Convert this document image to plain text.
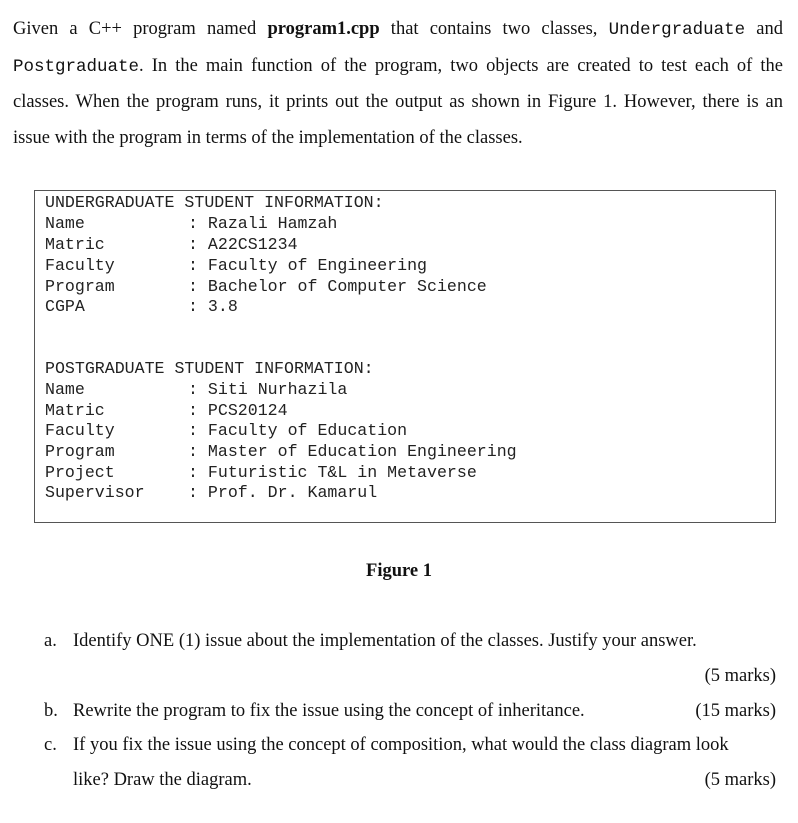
Given a C++ program named program1.cpp that contains two classes, Undergraduate and Postgraduate. In the main function of the program, two objects are created to test each of the classes. When the program runs, it prints out the output as shown in Figure 1. However, there is an issue with the program in terms of the implementation of the classes.

UNDERGRADUATE STUDENT INFORMATION:
Name	: Razali Hamzah
Matric	: A22CS1234
Faculty	: Faculty of Engineering
Program	: Bachelor of Computer Science
CGPA	: 3.8
POSTGRADUATE STUDENT INFORMATION:
Name	: Siti Nurhazila
Matric	: PCS20124
Faculty	: Faculty of Education
Program	: Master of Education Engineering
Project	: Futuristic T&L in Metaverse
Supervisor	: Prof. Dr. Kamarul
Figure 1
a. Identify ONE (1) issue about the implementation of the classes. Justify your answer.
(5 marks)
b. Rewrite the program to fix the issue using the concept of inheritance.	(15 marks)
c. If you fix the issue using the concept of composition, what would the class diagram look
like? Draw the diagram.	(5 marks)
